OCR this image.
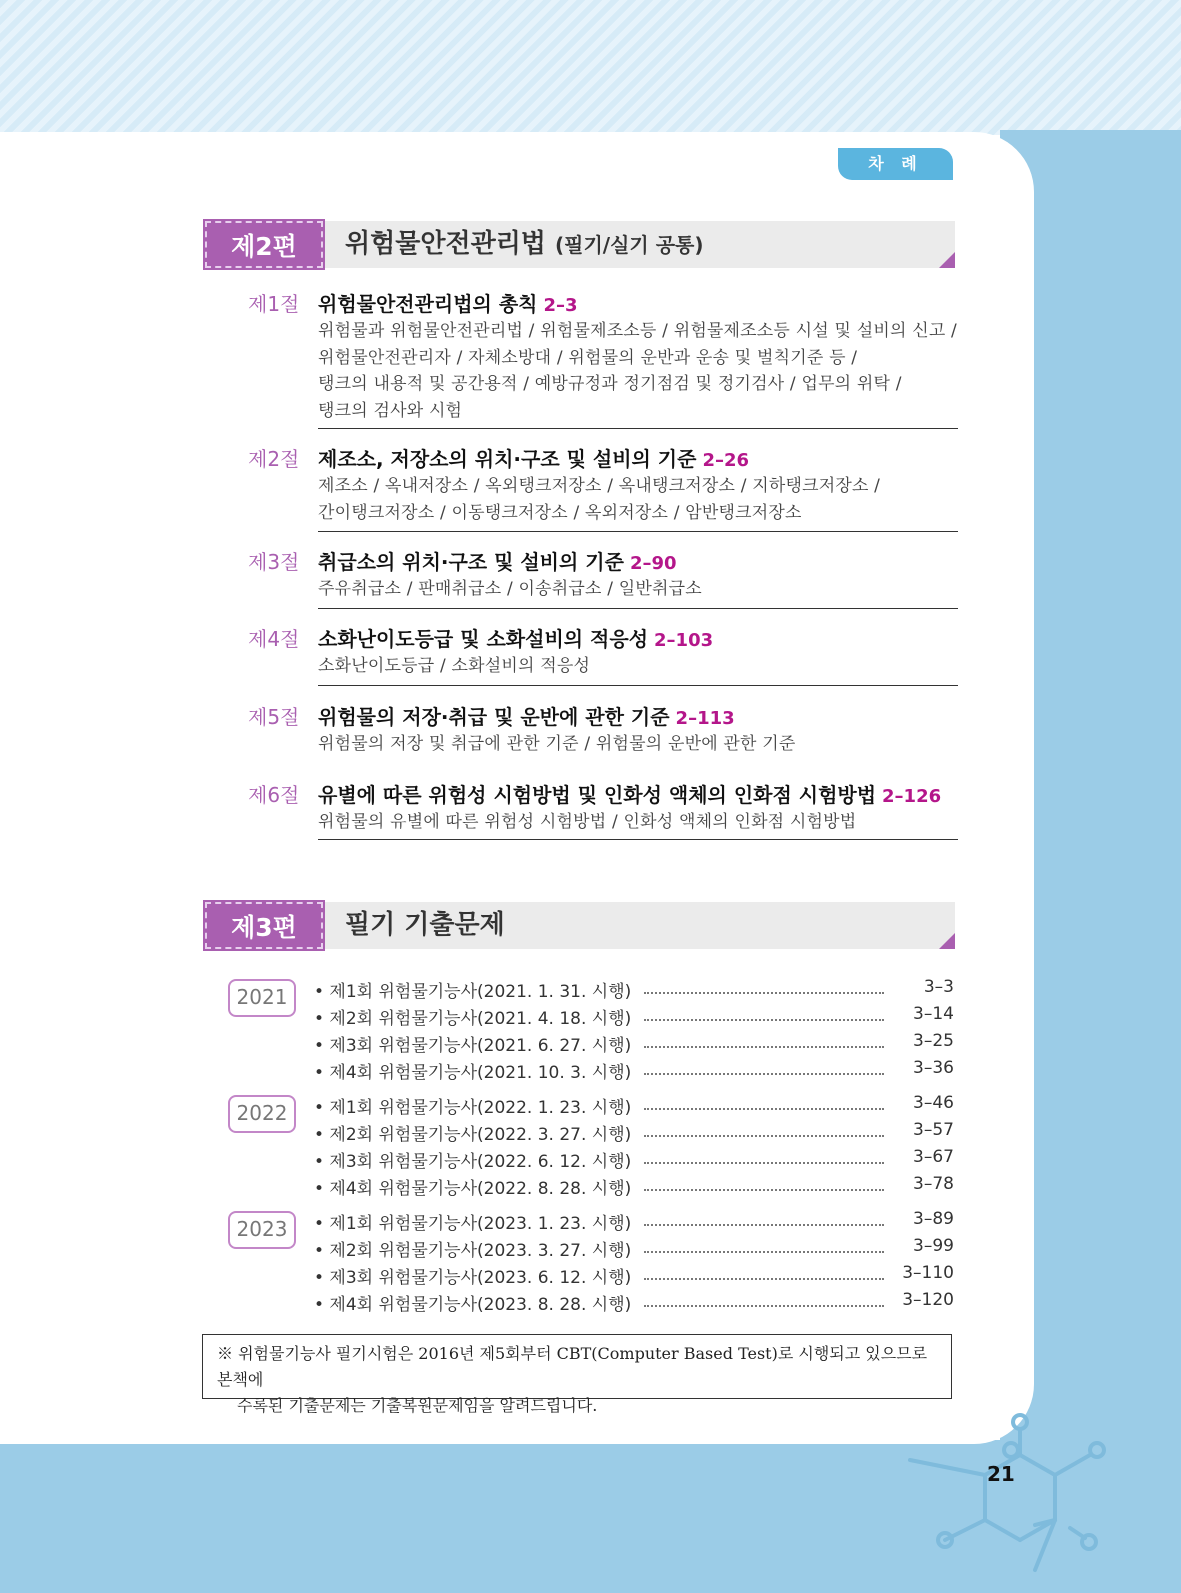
차 례
제2편	위험물안전관리법 (필기/실기 공통)
제1절 위험물안전관리법의 총칙 2–3
위험물과 위험물안전관리법 / 위험물제조소등 / 위험물제조소등 시설 및 설비의 신고 /
위험물안전관리자 / 자체소방대 / 위험물의 운반과 운송 및 벌칙기준 등 /
탱크의 내용적 및 공간용적 / 예방규정과 정기점검 및 정기검사 / 업무의 위탁 /
탱크의 검사와 시험
제2절 제조소, 저장소의 위치·구조 및 설비의 기준 2–26
제조소 / 옥내저장소 / 옥외탱크저장소 / 옥내탱크저장소 / 지하탱크저장소 /
간이탱크저장소 / 이동탱크저장소 / 옥외저장소 / 암반탱크저장소
제3절 취급소의 위치·구조 및 설비의 기준 2–90
주유취급소 / 판매취급소 / 이송취급소 / 일반취급소
제4절 소화난이도등급 및 소화설비의 적응성 2–103
소화난이도등급 / 소화설비의 적응성
제5절 위험물의 저장·취급 및 운반에 관한 기준 2–113
위험물의 저장 및 취급에 관한 기준 / 위험물의 운반에 관한 기준
제6절 유별에 따른 위험성 시험방법 및 인화성 액체의 인화점 시험방법 2–126
위험물의 유별에 따른 위험성 시험방법 / 인화성 액체의 인화점 시험방법
제3편	필기 기출문제
2021	• 제1회 위험물기능사(2021. 1. 31. 시행)	3–3
• 제2회 위험물기능사(2021. 4. 18. 시행)	3–14
• 제3회 위험물기능사(2021. 6. 27. 시행)	3–25
• 제4회 위험물기능사(2021. 10. 3. 시행)	3–36
2022	• 제1회 위험물기능사(2022. 1. 23. 시행)	3–46
• 제2회 위험물기능사(2022. 3. 27. 시행)	3–57
• 제3회 위험물기능사(2022. 6. 12. 시행)	3–67
• 제4회 위험물기능사(2022. 8. 28. 시행)	3–78
2023	• 제1회 위험물기능사(2023. 1. 23. 시행)	3–89
• 제2회 위험물기능사(2023. 3. 27. 시행)	3–99
• 제3회 위험물기능사(2023. 6. 12. 시행)	3–110
• 제4회 위험물기능사(2023. 8. 28. 시행)	3–120
※ 위험물기능사 필기시험은 2016년 제5회부터 CBT(Computer Based Test)로 시행되고 있으므로 본책에
수록된 기출문제는 기출복원문제임을 알려드립니다.
21
